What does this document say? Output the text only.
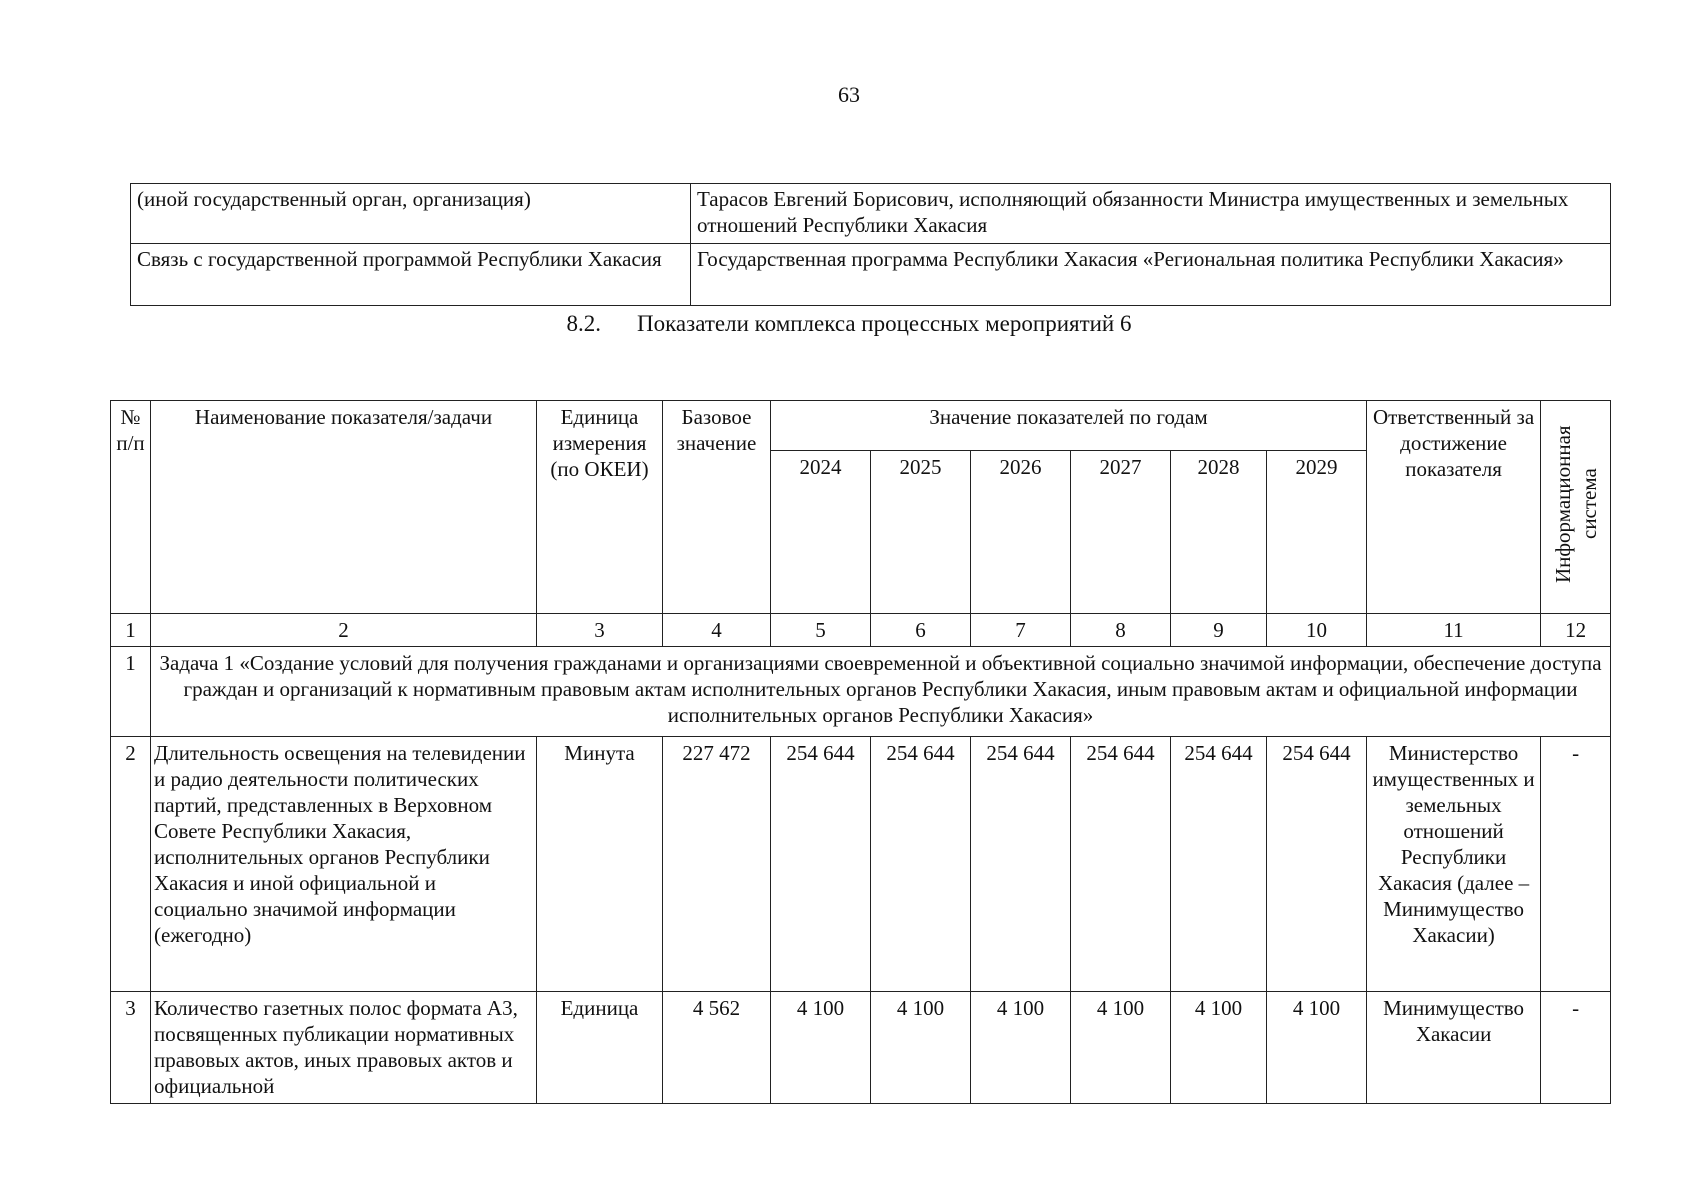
63
(иной государственный орган, организация)	Тарасов Евгений Борисович, исполняющий обязанности Министра имущественных и земельных отношений Республики Хакасия
Связь с государственной программой Республики Хакасия	Государственная программа Республики Хакасия «Региональная политика Республики Хакасия»
8.2. Показатели комплекса процессных мероприятий 6
№ п/п	Наименование показателя/задачи	Единица измерения (по ОКЕИ)	Базовое значение	Значение показателей по годам						Ответственный за достижение показателя	Информационная система
				2024	2025	2026	2027	2028	2029		
1	2	3	4	5	6	7	8	9	10	11	12
1	Задача 1 «Создание условий для получения гражданами и организациями своевременной и объективной социально значимой информации, обеспечение доступа граждан и организаций к нормативным правовым актам исполнительных органов Республики Хакасия, иным правовым актам и официальной информации исполнительных органов Республики Хакасия»										
2	Длительность освещения на телевидении и радио деятельности политических партий, представленных в Верховном Совете Республики Хакасия, исполнительных органов Республики Хакасия и иной официальной и социально значимой информации (ежегодно)	Минута	227 472	254 644	254 644	254 644	254 644	254 644	254 644	Министерство имущественных и земельных отношений Республики Хакасия (далее – Минимущество Хакасии)	-
3	Количество газетных полос формата А3, посвященных публикации нормативных правовых актов, иных правовых актов и официальной	Единица	4 562	4 100	4 100	4 100	4 100	4 100	4 100	Минимущество Хакасии	-
